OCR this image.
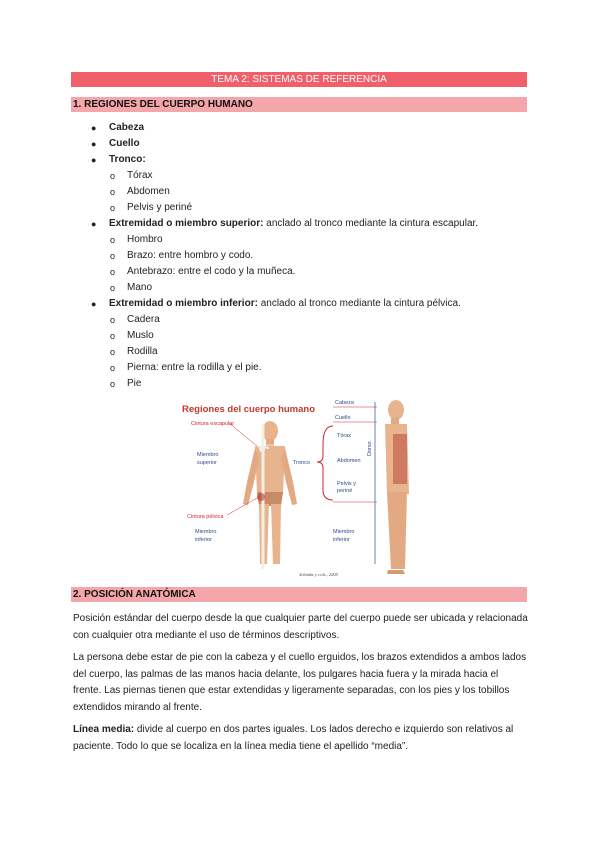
TEMA 2: SISTEMAS DE REFERENCIA
1. REGIONES DEL CUERPO HUMANO
● Cabeza
● Cuello
● Tronco:
o Tórax
o Abdomen
o Pelvis y periné
● Extremidad o miembro superior: anclado al tronco mediante la cintura escapular.
o Hombro
o Brazo: entre hombro y codo.
o Antebrazo: entre el codo y la muñeca.
o Mano
● Extremidad o miembro inferior: anclado al tronco mediante la cintura pélvica.
o Cadera
o Muslo
o Rodilla
o Pierna: entre la rodilla y el pie.
o Pie
Regiones del cuerpo humano
Cintura escapular
Miembro
superior
Cintura pélvica
Miembro
inferior
Tronco
Cabeza
Cuello
Tórax
Abdomen
Pelvis y
periné
Miembro
inferior
Dorso
Schünke y cols., 2005
2. POSICIÓN ANATÓMICA
Posición estándar del cuerpo desde la que cualquier parte del cuerpo puede ser ubicada y relacionada con cualquier otra mediante el uso de términos descriptivos.
La persona debe estar de pie con la cabeza y el cuello erguidos, los brazos extendidos a ambos lados del cuerpo, las palmas de las manos hacia delante, los pulgares hacia fuera y la mirada hacia el frente. Las piernas tienen que estar extendidas y ligeramente separadas, con los pies y los tobillos extendidos mirando al frente.
Línea media: divide al cuerpo en dos partes iguales. Los lados derecho e izquierdo son relativos al paciente. Todo lo que se localiza en la línea media tiene el apellido “media”.
